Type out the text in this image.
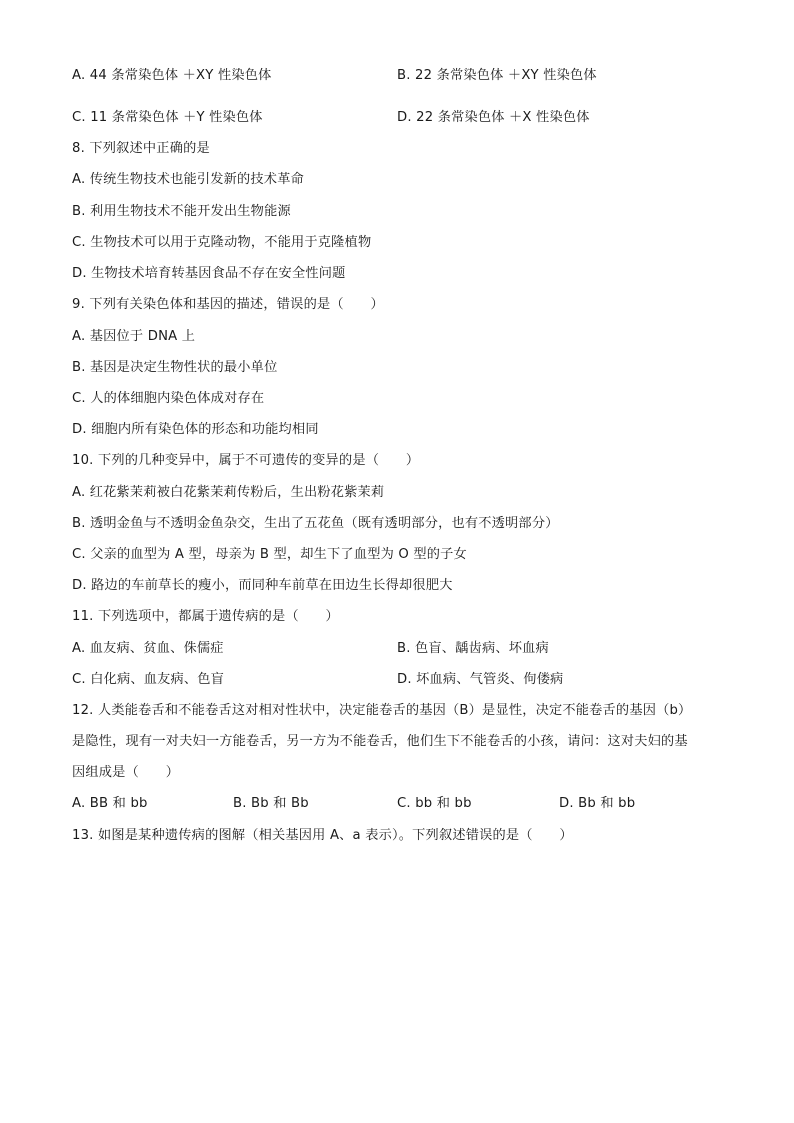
A. 44 条常染色体 ＋XY 性染色体	B. 22 条常染色体 ＋XY 性染色体
C. 11 条常染色体 ＋Y 性染色体	D. 22 条常染色体 ＋X 性染色体
8. 下列叙述中正确的是
A. 传统生物技术也能引发新的技术革命
B. 利用生物技术不能开发出生物能源
C. 生物技术可以用于克隆动物，不能用于克隆植物
D. 生物技术培育转基因食品不存在安全性问题
9. 下列有关染色体和基因的描述，错误的是（　　）
A. 基因位于 DNA 上
B. 基因是决定生物性状的最小单位
C. 人的体细胞内染色体成对存在
D. 细胞内所有染色体的形态和功能均相同
10. 下列的几种变异中，属于不可遗传的变异的是（　　）
A. 红花紫茉莉被白花紫茉莉传粉后，生出粉花紫茉莉
B. 透明金鱼与不透明金鱼杂交，生出了五花鱼（既有透明部分，也有不透明部分）
C. 父亲的血型为 A 型，母亲为 B 型，却生下了血型为 O 型的子女
D. 路边的车前草长的瘦小，而同种车前草在田边生长得却很肥大
11. 下列选项中，都属于遗传病的是（　　）
A. 血友病、贫血、侏儒症	B. 色盲、龋齿病、坏血病
C. 白化病、血友病、色盲	D. 坏血病、气管炎、佝偻病
12. 人类能卷舌和不能卷舌这对相对性状中，决定能卷舌的基因（B）是显性，决定不能卷舌的基因（b）
是隐性，现有一对夫妇一方能卷舌，另一方为不能卷舌，他们生下不能卷舌的小孩，请问：这对夫妇的基
因组成是（　　）
A. BB 和 bb	B. Bb 和 Bb	C. bb 和 bb	D. Bb 和 bb
13. 如图是某种遗传病的图解（相关基因用 A、a 表示）。下列叙述错误的是（　　）
